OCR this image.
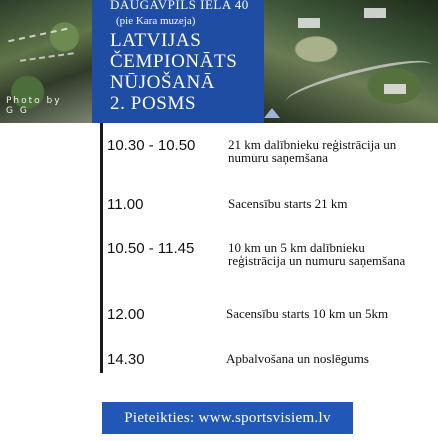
Photo by
G G
DAUGAVPILS IELA 40
(pie Kara muzeja)
LATVIJAS
ČEMPIONĀTS
NŪJOŠANĀ
2. POSMS
10.30 - 10.50	21 km dalībnieku reģistrācija un numuru saņemšana
11.00	Sacensību starts 21 km
10.50 - 11.45	10 km un 5 km dalībnieku reģistrācija un numuru saņemšana
12.00	Sacensību starts 10 km un 5km
14.30	Apbalvošana un noslēgums
Pieteikties: www.sportsvisiem.lv
